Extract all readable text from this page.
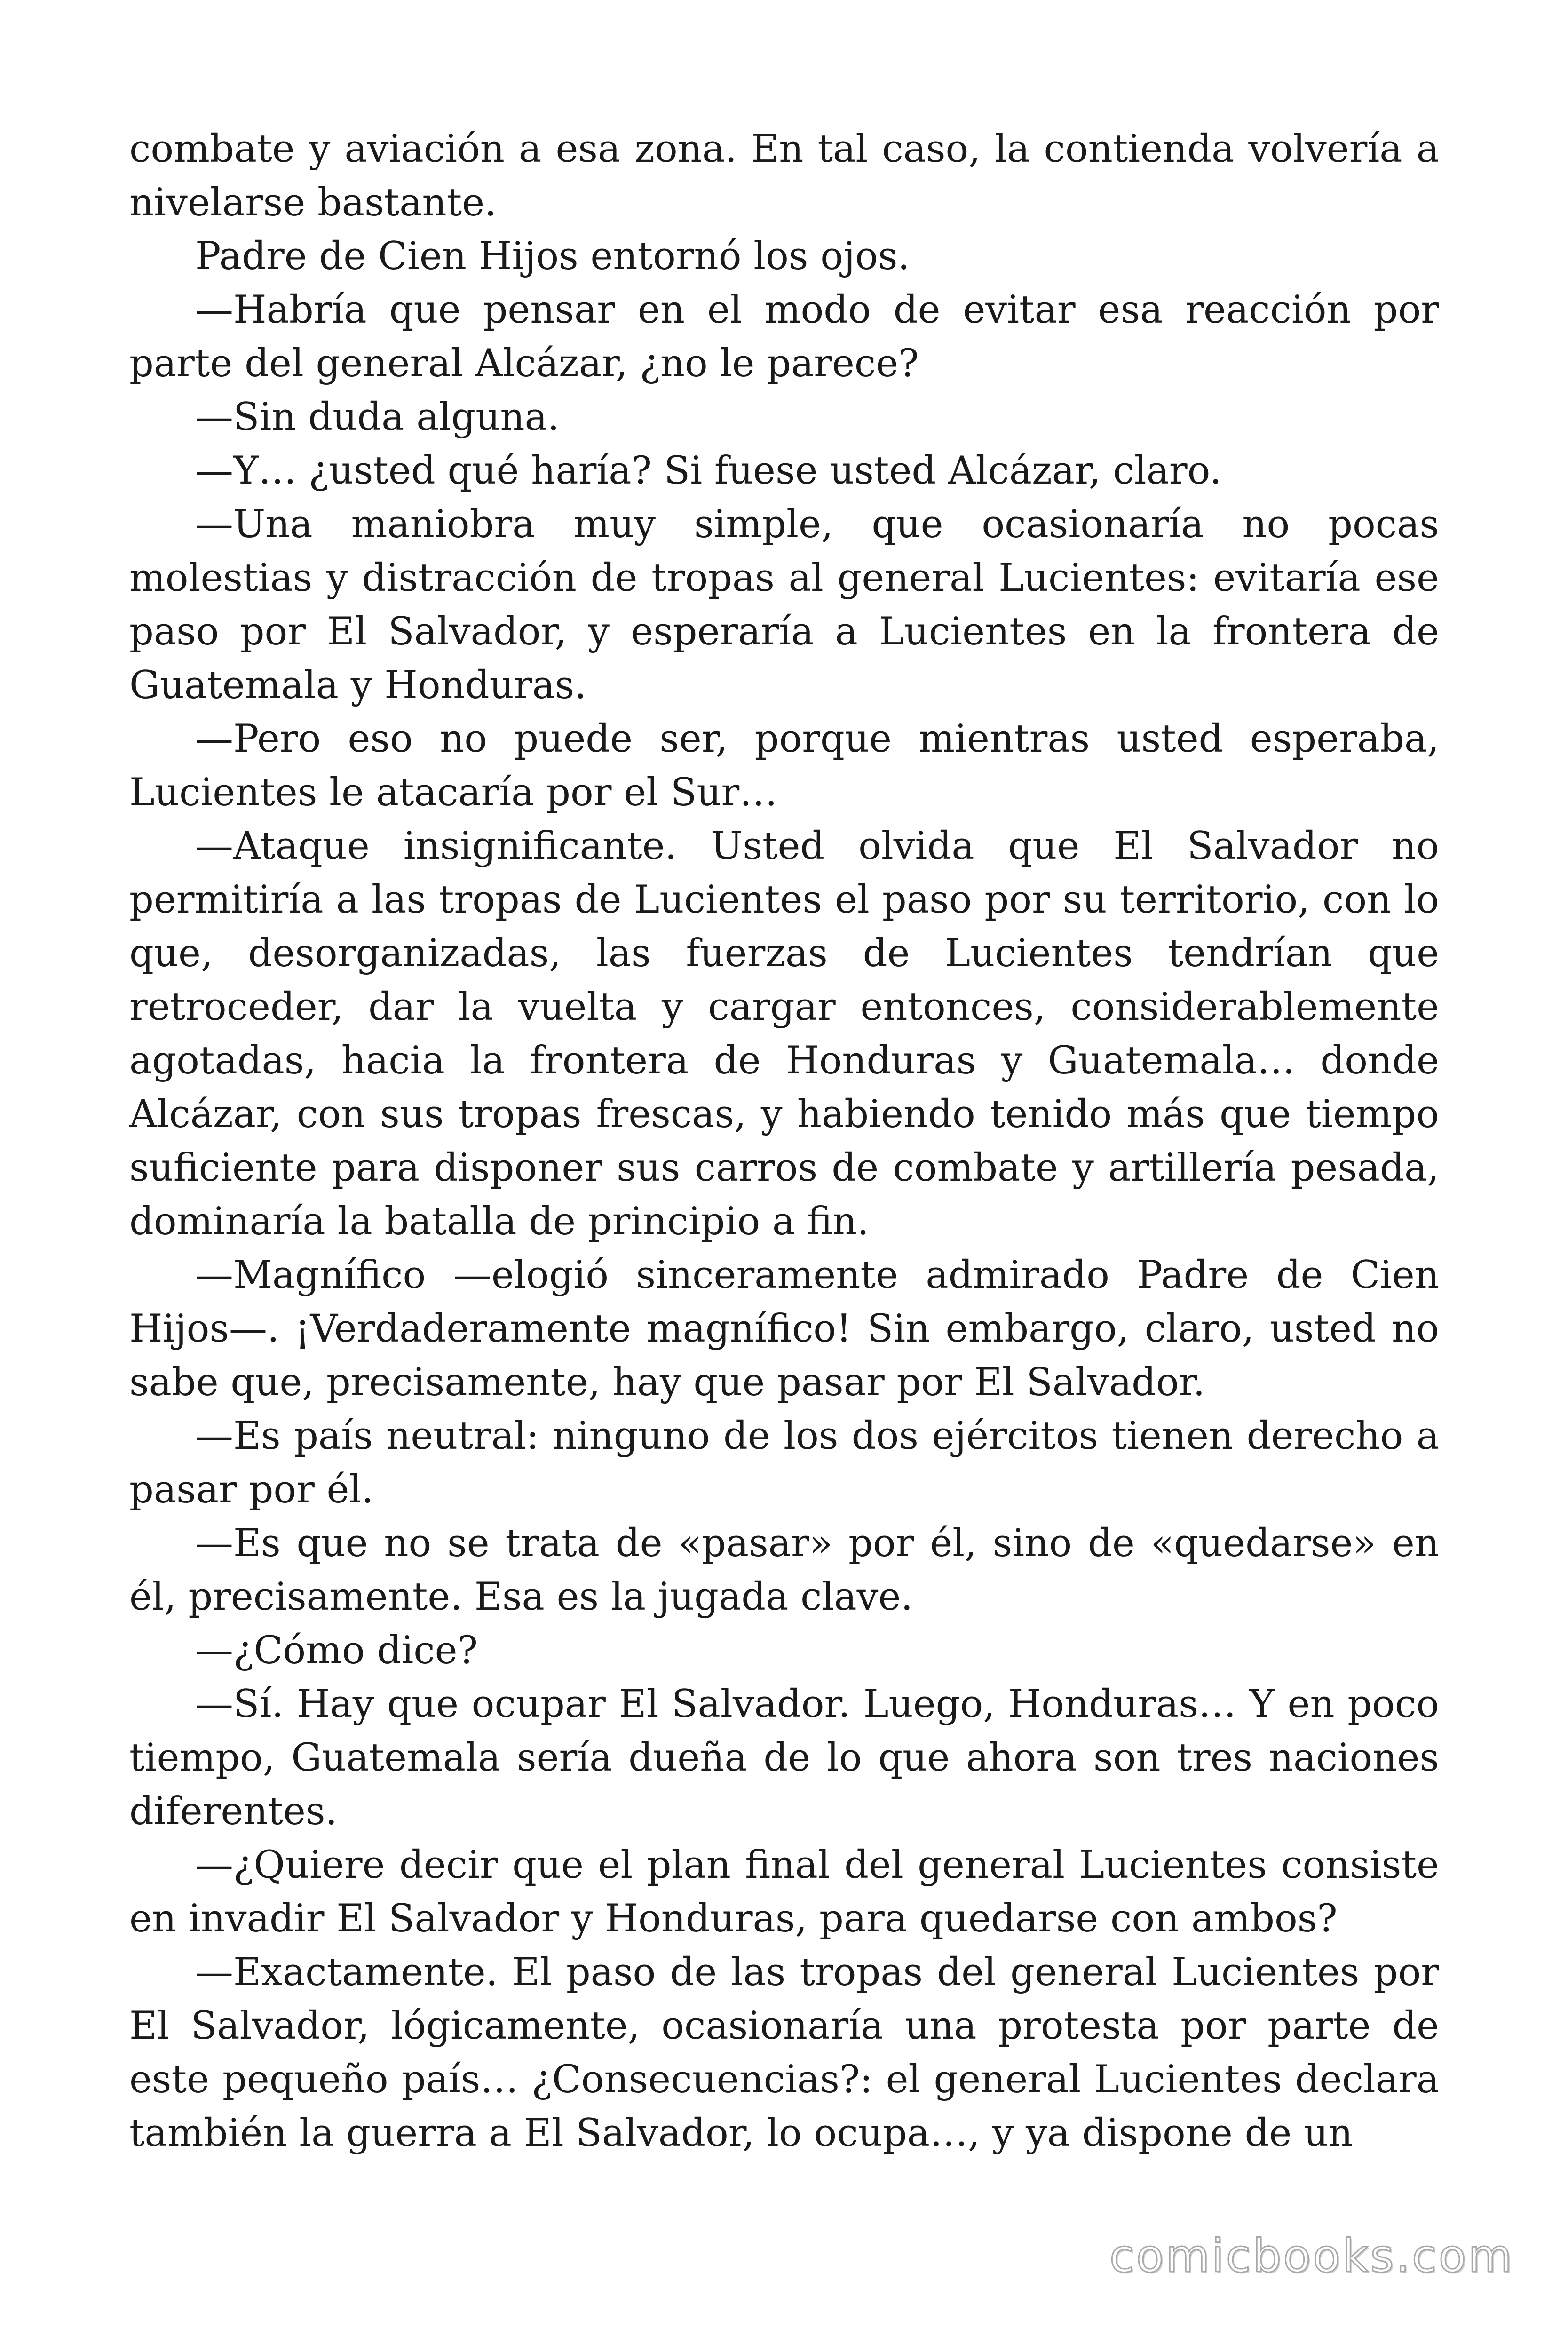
combate y aviación a esa zona. En tal caso, la contienda volvería a nivelarse bastante.

Padre de Cien Hijos entornó los ojos.

—Habría que pensar en el modo de evitar esa reacción por parte del general Alcázar, ¿no le parece?

—Sin duda alguna.

—Y… ¿usted qué haría? Si fuese usted Alcázar, claro.

—Una maniobra muy simple, que ocasionaría no pocas molestias y distracción de tropas al general Lucientes: evitaría ese paso por El Salvador, y esperaría a Lucientes en la frontera de Guatemala y Honduras.

—Pero eso no puede ser, porque mientras usted esperaba, Lucientes le atacaría por el Sur…

—Ataque insignificante. Usted olvida que El Salvador no permitiría a las tropas de Lucientes el paso por su territorio, con lo que, desorganizadas, las fuerzas de Lucientes tendrían que retroceder, dar la vuelta y cargar entonces, considerablemente agotadas, hacia la frontera de Honduras y Guatemala… donde Alcázar, con sus tropas frescas, y habiendo tenido más que tiempo suficiente para disponer sus carros de combate y artillería pesada, dominaría la batalla de principio a fin.

—Magnífico —elogió sinceramente admirado Padre de Cien Hijos—. ¡Verdaderamente magnífico! Sin embargo, claro, usted no sabe que, precisamente, hay que pasar por El Salvador.

—Es país neutral: ninguno de los dos ejércitos tienen derecho a pasar por él.

—Es que no se trata de «pasar» por él, sino de «quedarse» en él, precisamente. Esa es la jugada clave.

—¿Cómo dice?

—Sí. Hay que ocupar El Salvador. Luego, Honduras… Y en poco tiempo, Guatemala sería dueña de lo que ahora son tres naciones diferentes.

—¿Quiere decir que el plan final del general Lucientes consiste en invadir El Salvador y Honduras, para quedarse con ambos?

—Exactamente. El paso de las tropas del general Lucientes por El Salvador, lógicamente, ocasionaría una protesta por parte de este pequeño país… ¿Consecuencias?: el general Lucientes declara también la guerra a El Salvador, lo ocupa…, y ya dispone de un

comicbooks.com
